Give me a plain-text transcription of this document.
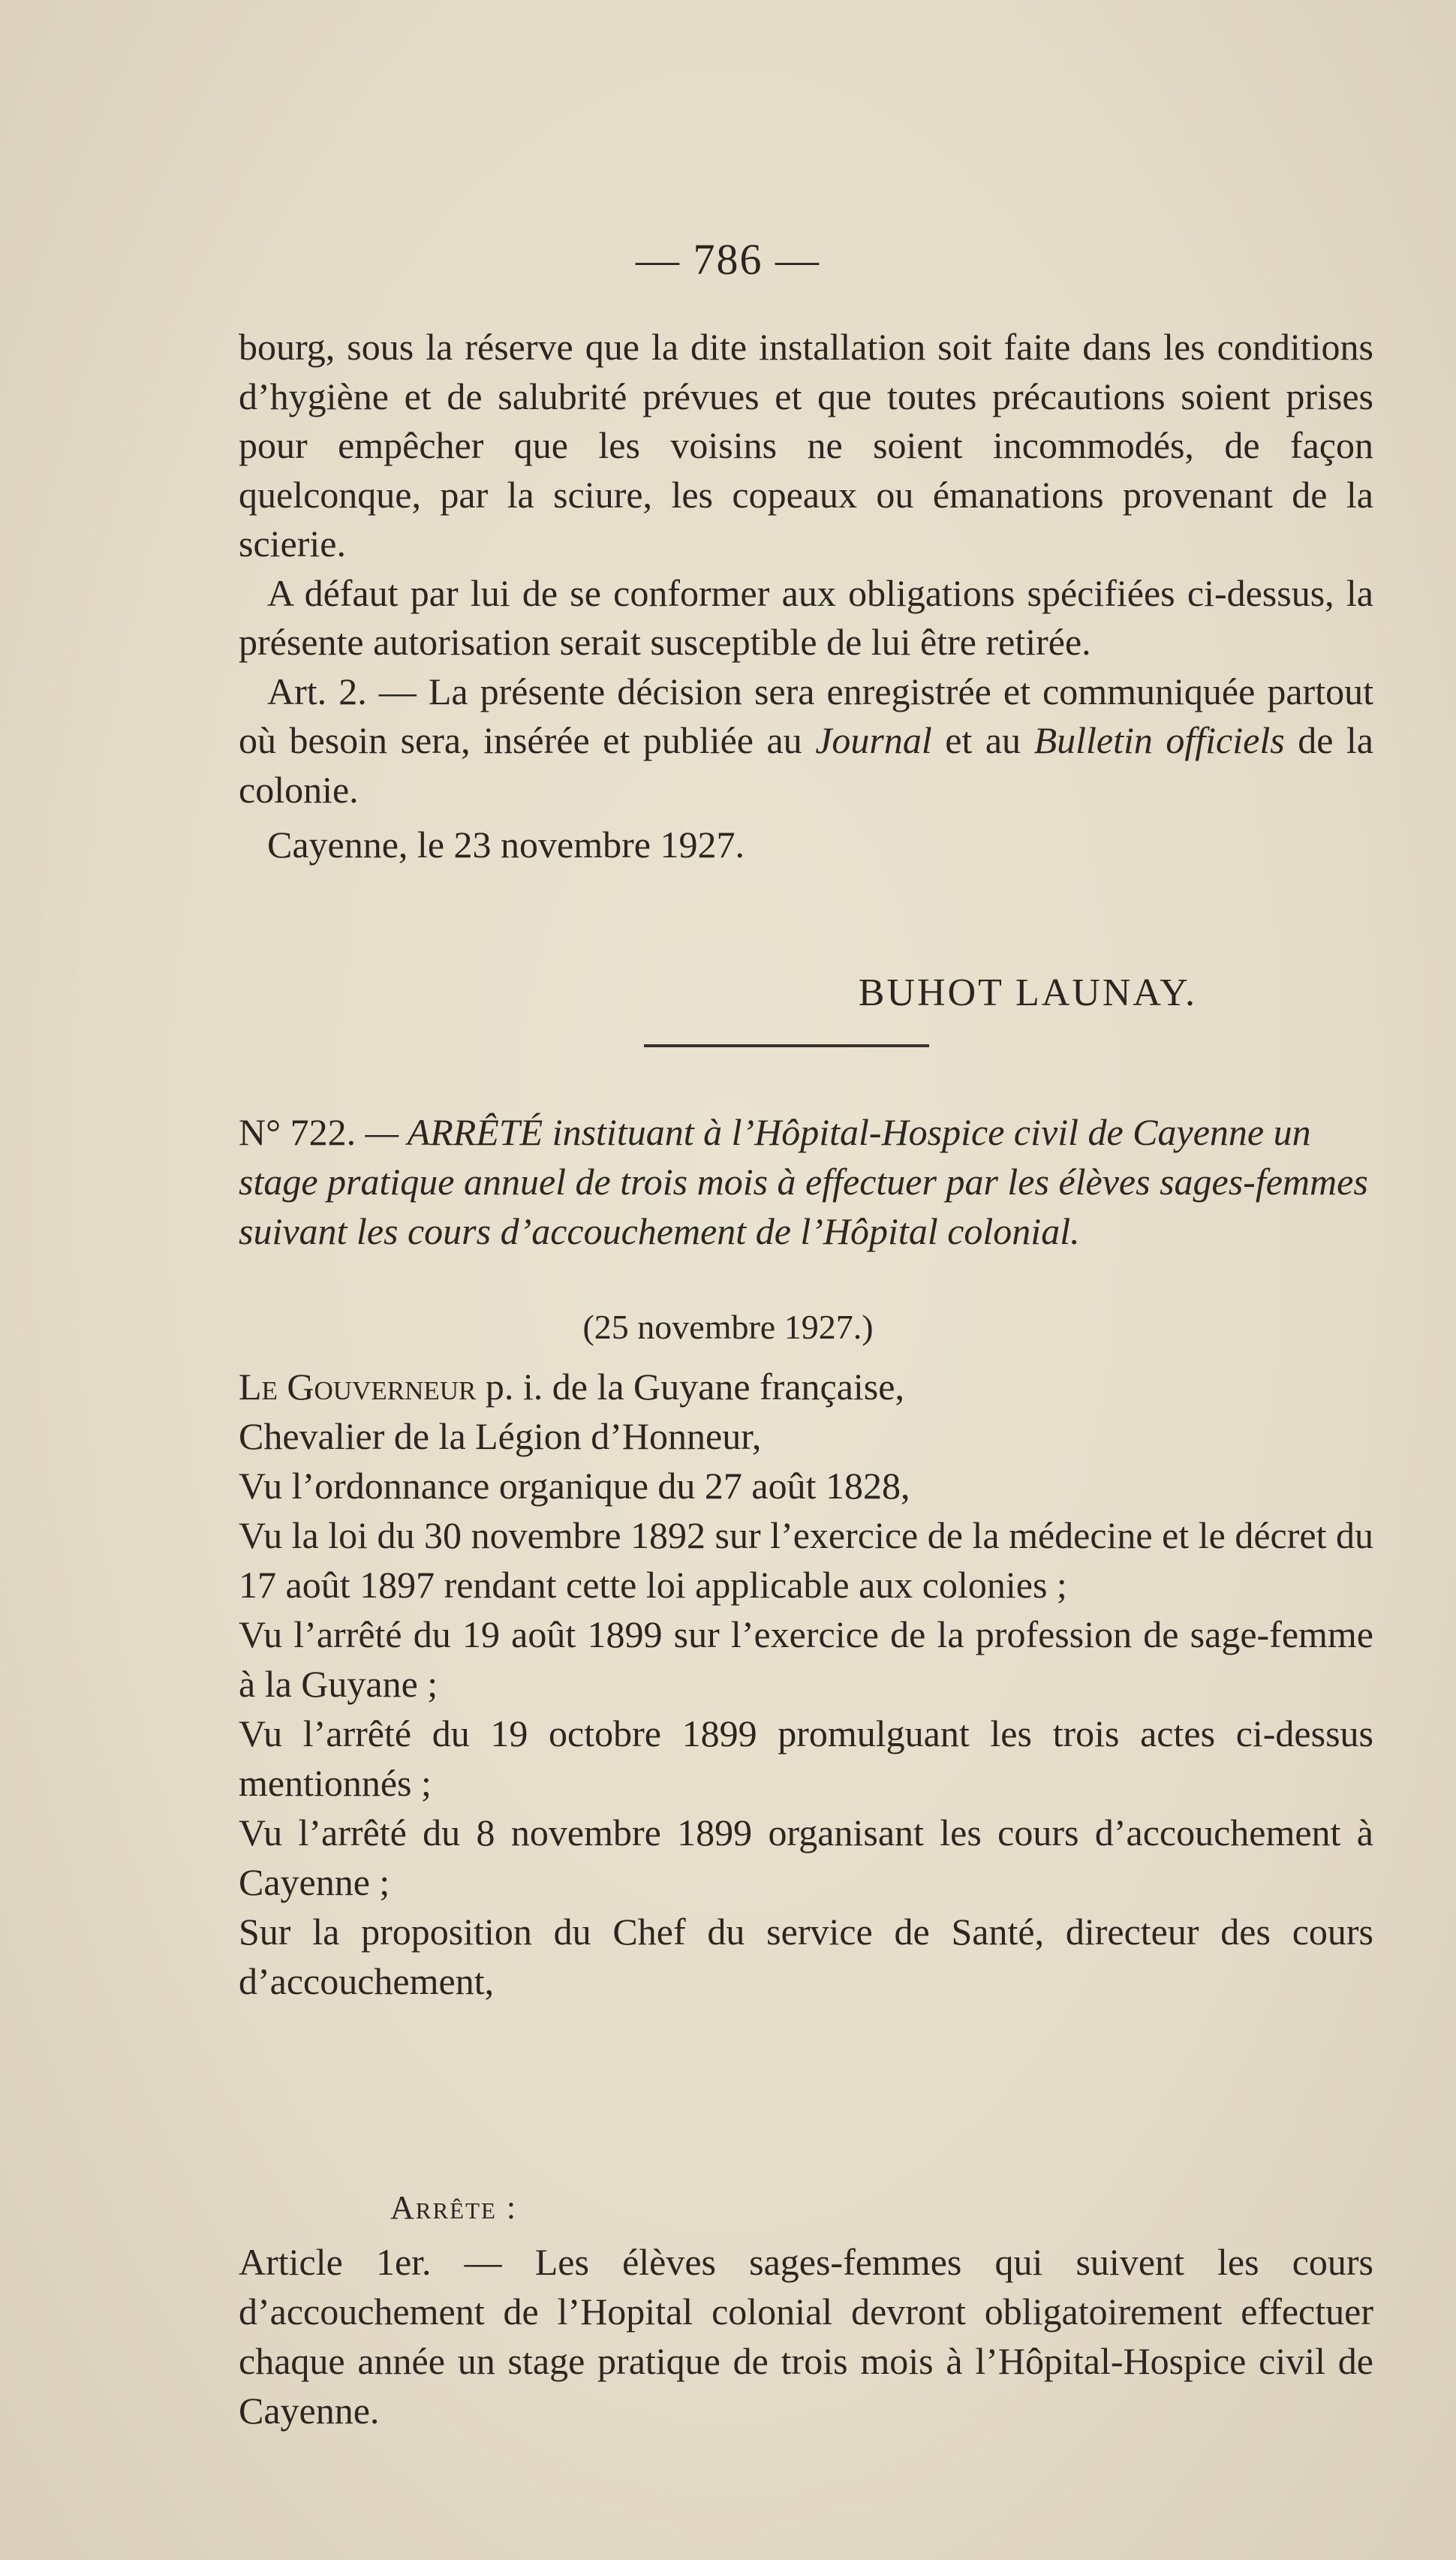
— 786 —

bourg, sous la réserve que la dite installation soit faite dans les conditions d’hygiène et de salubrité prévues et que toutes précautions soient prises pour empêcher que les voisins ne soient incommodés, de façon quelconque, par la sciure, les copeaux ou émanations provenant de la scierie.

A défaut par lui de se conformer aux obligations spécifiées ci-dessus, la présente autorisation serait susceptible de lui être retirée.

Art. 2. — La présente décision sera enregistrée et communiquée partout où besoin sera, insérée et publiée au Journal et au Bulletin officiels de la colonie.

Cayenne, le 23 novembre 1927.

BUHOT LAUNAY.
N° 722. — ARRÊTÉ instituant à l’Hôpital-Hospice civil de Cayenne un stage pratique annuel de trois mois à effectuer par les élèves sages-femmes suivant les cours d’accouchement de l’Hôpital colonial.
(25 novembre 1927.)

Le Gouverneur p. i. de la Guyane française,

Chevalier de la Légion d’Honneur,

Vu l’ordonnance organique du 27 août 1828,

Vu la loi du 30 novembre 1892 sur l’exercice de la médecine et le décret du 17 août 1897 rendant cette loi applicable aux colonies ;

Vu l’arrêté du 19 août 1899 sur l’exercice de la profession de sage-femme à la Guyane ;

Vu l’arrêté du 19 octobre 1899 promulguant les trois actes ci-dessus mentionnés ;

Vu l’arrêté du 8 novembre 1899 organisant les cours d’accouchement à Cayenne ;

Sur la proposition du Chef du service de Santé, directeur des cours d’accouchement,

Arrête :

Article 1er. — Les élèves sages-femmes qui suivent les cours d’accouchement de l’Hopital colonial devront obligatoirement effectuer chaque année un stage pratique de trois mois à l’Hôpital-Hospice civil de Cayenne.
